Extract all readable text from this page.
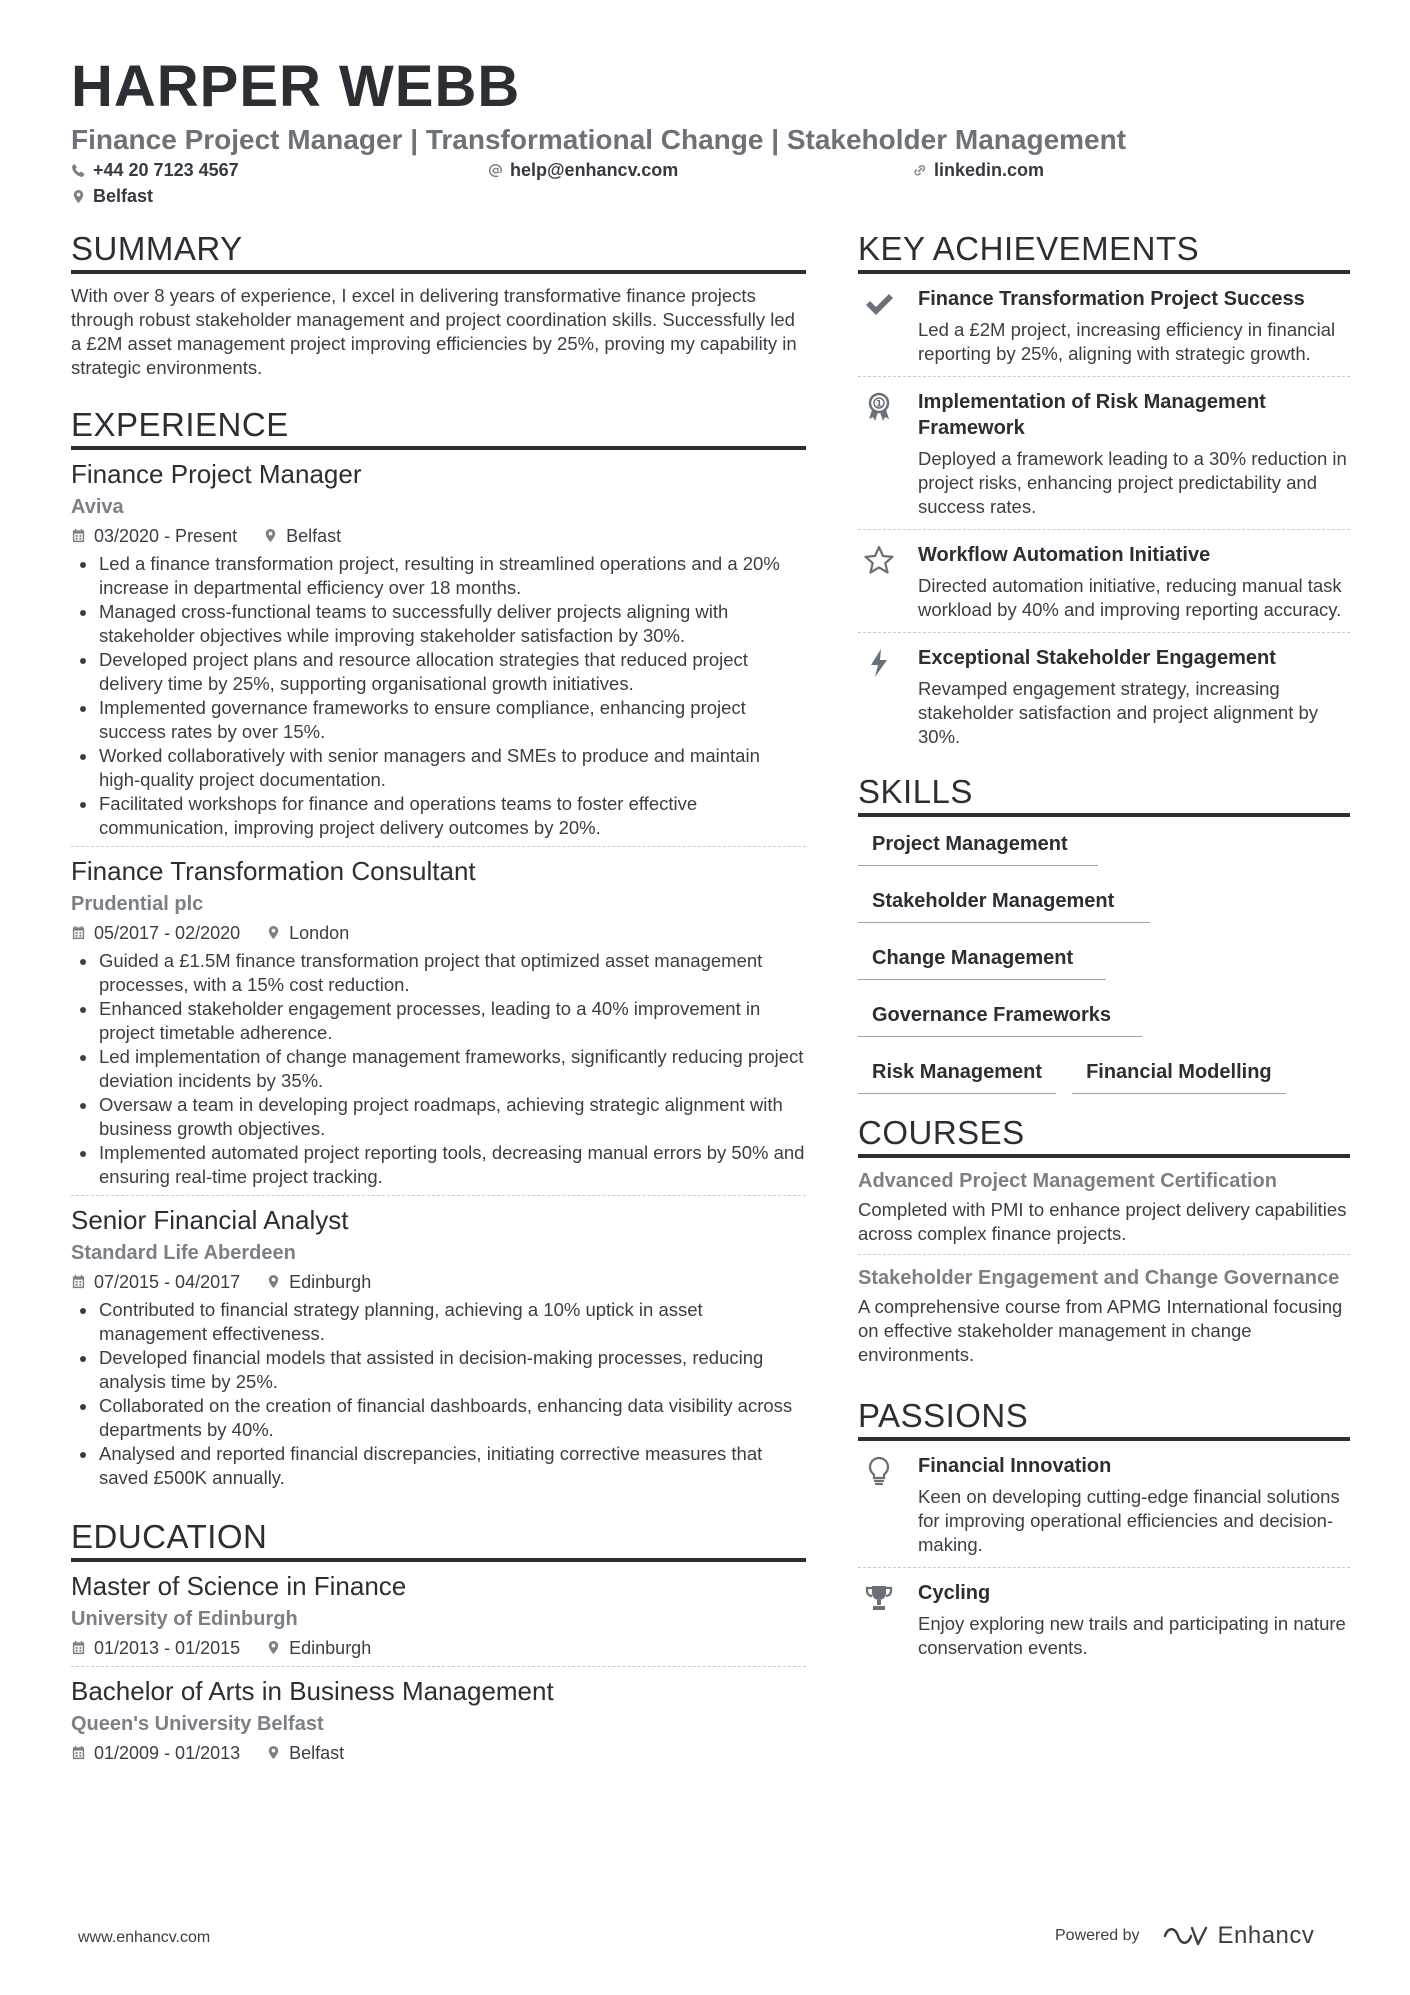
HARPER WEBB
Finance Project Manager | Transformational Change | Stakeholder Management
+44 20 7123 4567	help@enhancv.com	linkedin.com
Belfast
SUMMARY
With over 8 years of experience, I excel in delivering transformative finance projects through robust stakeholder management and project coordination skills. Successfully led a £2M asset management project improving efficiencies by 25%, proving my capability in strategic environments.
EXPERIENCE
Finance Project Manager
Aviva
03/2020 - Present	Belfast
Led a finance transformation project, resulting in streamlined operations and a 20% increase in departmental efficiency over 18 months.
Managed cross-functional teams to successfully deliver projects aligning with stakeholder objectives while improving stakeholder satisfaction by 30%.
Developed project plans and resource allocation strategies that reduced project delivery time by 25%, supporting organisational growth initiatives.
Implemented governance frameworks to ensure compliance, enhancing project success rates by over 15%.
Worked collaboratively with senior managers and SMEs to produce and maintain high-quality project documentation.
Facilitated workshops for finance and operations teams to foster effective communication, improving project delivery outcomes by 20%.
Finance Transformation Consultant
Prudential plc
05/2017 - 02/2020	London
Guided a £1.5M finance transformation project that optimized asset management processes, with a 15% cost reduction.
Enhanced stakeholder engagement processes, leading to a 40% improvement in project timetable adherence.
Led implementation of change management frameworks, significantly reducing project deviation incidents by 35%.
Oversaw a team in developing project roadmaps, achieving strategic alignment with business growth objectives.
Implemented automated project reporting tools, decreasing manual errors by 50% and ensuring real-time project tracking.
Senior Financial Analyst
Standard Life Aberdeen
07/2015 - 04/2017	Edinburgh
Contributed to financial strategy planning, achieving a 10% uptick in asset management effectiveness.
Developed financial models that assisted in decision-making processes, reducing analysis time by 25%.
Collaborated on the creation of financial dashboards, enhancing data visibility across departments by 40%.
Analysed and reported financial discrepancies, initiating corrective measures that saved £500K annually.
EDUCATION
Master of Science in Finance
University of Edinburgh
01/2013 - 01/2015	Edinburgh
Bachelor of Arts in Business Management
Queen's University Belfast
01/2009 - 01/2013	Belfast
KEY ACHIEVEMENTS
Finance Transformation Project Success
Led a £2M project, increasing efficiency in financial reporting by 25%, aligning with strategic growth.
1 Implementation of Risk Management Framework
Deployed a framework leading to a 30% reduction in project risks, enhancing project predictability and success rates.
Workflow Automation Initiative
Directed automation initiative, reducing manual task workload by 40% and improving reporting accuracy.
Exceptional Stakeholder Engagement
Revamped engagement strategy, increasing stakeholder satisfaction and project alignment by 30%.
SKILLS
Project Management
Stakeholder Management
Change Management
Governance Frameworks
Risk Management	Financial Modelling
COURSES
Advanced Project Management Certification
Completed with PMI to enhance project delivery capabilities across complex finance projects.
Stakeholder Engagement and Change Governance
A comprehensive course from APMG International focusing on effective stakeholder management in change environments.
PASSIONS
Financial Innovation
Keen on developing cutting-edge financial solutions for improving operational efficiencies and decision-making.
Cycling
Enjoy exploring new trails and participating in nature conservation events.
www.enhancv.com	Powered by	Enhancv
